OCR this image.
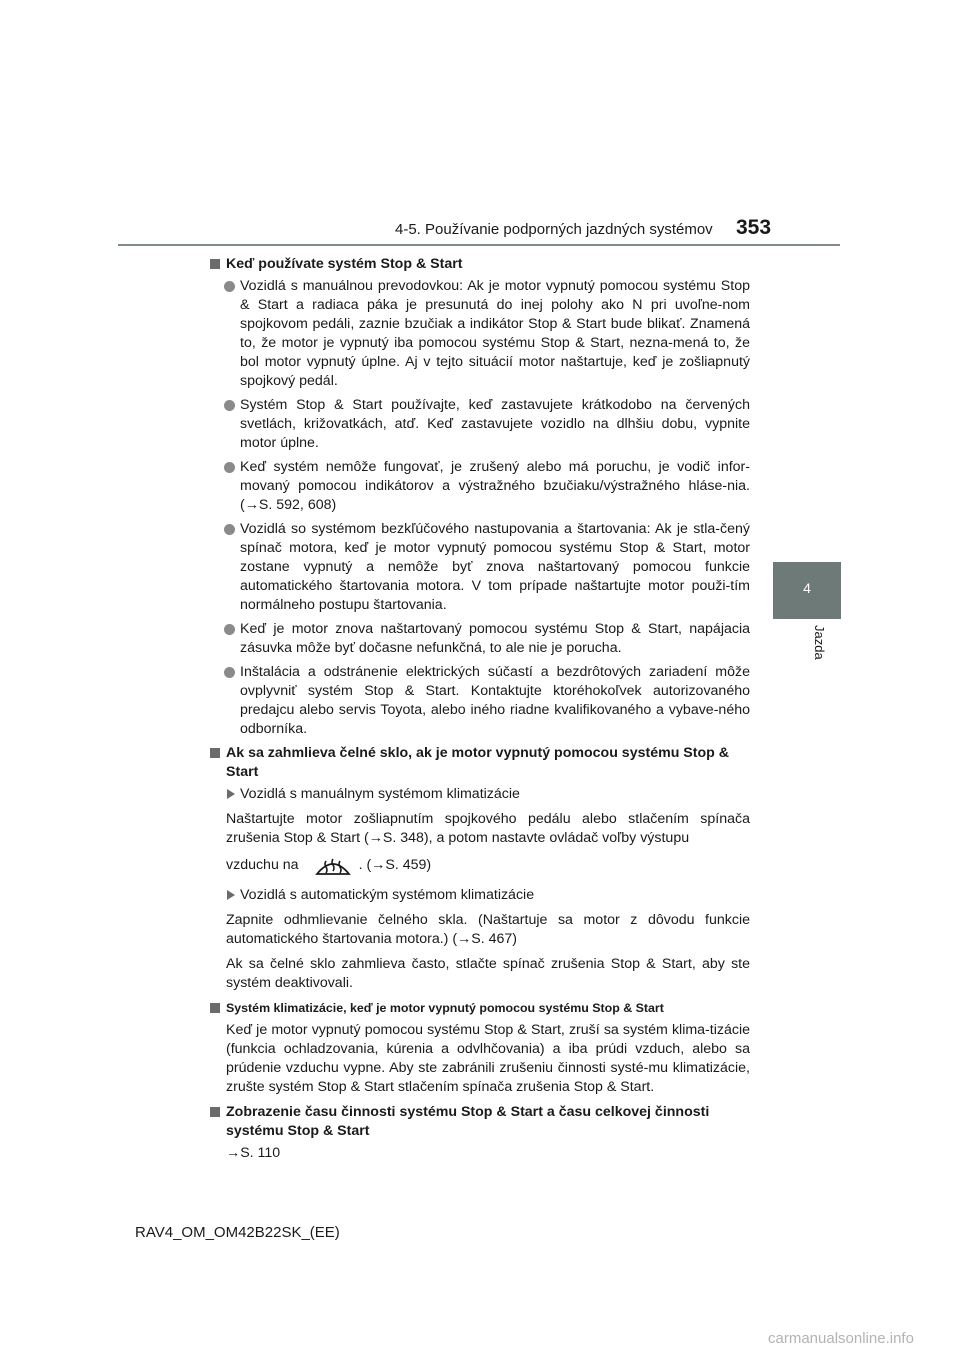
4-5. Používanie podporných jazdných systémov 353
4
Jazda
Keď používate systém Stop & Start
Vozidlá s manuálnou prevodovkou: Ak je motor vypnutý pomocou systému Stop & Start a radiaca páka je presunutá do inej polohy ako N pri uvoľne-nom spojkovom pedáli, zaznie bzučiak a indikátor Stop & Start bude blikať. Znamená to, že motor je vypnutý iba pomocou systému Stop & Start, nezna-mená to, že bol motor vypnutý úplne. Aj v tejto situácií motor naštartuje, keď je zošliapnutý spojkový pedál.
Systém Stop & Start používajte, keď zastavujete krátkodobo na červených svetlách, križovatkách, atď. Keď zastavujete vozidlo na dlhšiu dobu, vypnite motor úplne.
Keď systém nemôže fungovať, je zrušený alebo má poruchu, je vodič infor-movaný pomocou indikátorov a výstražného bzučiaku/výstražného hláse-nia. (→S. 592, 608)
Vozidlá so systémom bezkľúčového nastupovania a štartovania: Ak je stla-čený spínač motora, keď je motor vypnutý pomocou systému Stop & Start, motor zostane vypnutý a nemôže byť znova naštartovaný pomocou funkcie automatického štartovania motora. V tom prípade naštartujte motor použi-tím normálneho postupu štartovania.
Keď je motor znova naštartovaný pomocou systému Stop & Start, napájacia zásuvka môže byť dočasne nefunkčná, to ale nie je porucha.
Inštalácia a odstránenie elektrických súčastí a bezdrôtových zariadení môže ovplyvniť systém Stop & Start. Kontaktujte ktoréhokoľvek autorizovaného predajcu alebo servis Toyota, alebo iného riadne kvalifikovaného a vybave-ného odborníka.
Ak sa zahmlieva čelné sklo, ak je motor vypnutý pomocou systému Stop & Start
Vozidlá s manuálnym systémom klimatizácie
Naštartujte motor zošliapnutím spojkového pedálu alebo stlačením spínača zrušenia Stop & Start (→S. 348), a potom nastavte ovládač voľby výstupu
vzduchu na	. (→S. 459)
Vozidlá s automatickým systémom klimatizácie
Zapnite odhmlievanie čelného skla. (Naštartuje sa motor z dôvodu funkcie automatického štartovania motora.) (→S. 467)
Ak sa čelné sklo zahmlieva často, stlačte spínač zrušenia Stop & Start, aby ste systém deaktivovali.
Systém klimatizácie, keď je motor vypnutý pomocou systému Stop & Start
Keď je motor vypnutý pomocou systému Stop & Start, zruší sa systém klima-tizácie (funkcia ochladzovania, kúrenia a odvlhčovania) a iba prúdi vzduch, alebo sa prúdenie vzduchu vypne. Aby ste zabránili zrušeniu činnosti systé-mu klimatizácie, zrušte systém Stop & Start stlačením spínača zrušenia Stop & Start.
Zobrazenie času činnosti systému Stop & Start a času celkovej činnosti systému Stop & Start
→S. 110
RAV4_OM_OM42B22SK_(EE)
carmanualsonline.info
